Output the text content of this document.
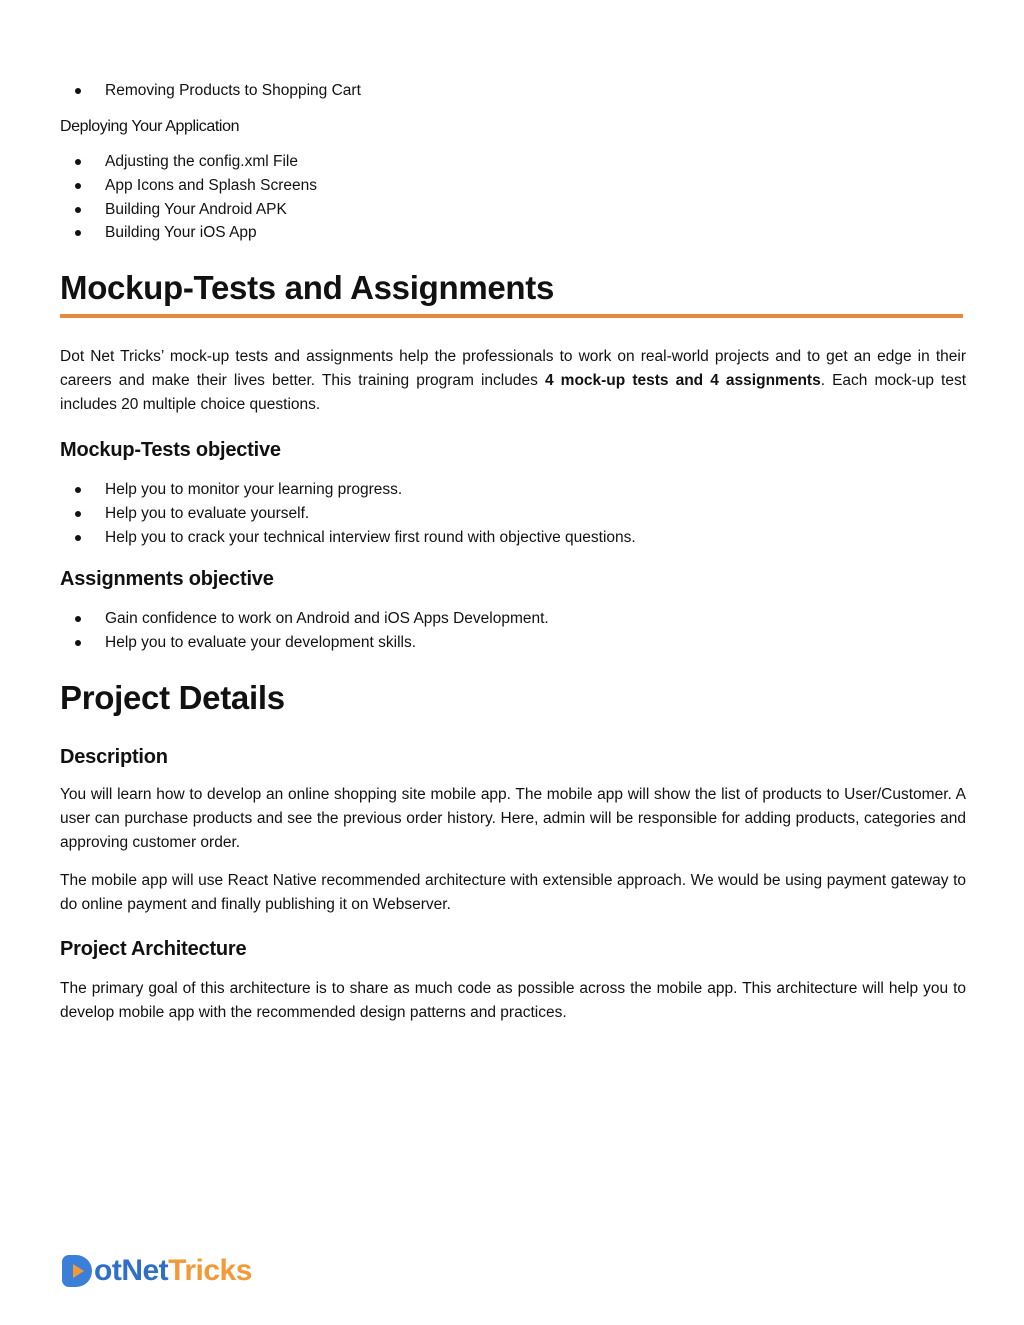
Removing Products to Shopping Cart
Deploying Your Application
Adjusting the config.xml File
App Icons and Splash Screens
Building Your Android APK
Building Your iOS App
Mockup-Tests and Assignments

Dot Net Tricks’ mock-up tests and assignments help the professionals to work on real-world projects and to get an edge in their careers and make their lives better. This training program includes 4 mock-up tests and 4 assignments. Each mock-up test includes 20 multiple choice questions.

Mockup-Tests objective
Help you to monitor your learning progress.
Help you to evaluate yourself.
Help you to crack your technical interview first round with objective questions.
Assignments objective
Gain confidence to work on Android and iOS Apps Development.
Help you to evaluate your development skills.
Project Details
Description

You will learn how to develop an online shopping site mobile app. The mobile app will show the list of products to User/Customer. A user can purchase products and see the previous order history. Here, admin will be responsible for adding products, categories and approving customer order.

The mobile app will use React Native recommended architecture with extensible approach. We would be using payment gateway to do online payment and finally publishing it on Webserver.

Project Architecture

The primary goal of this architecture is to share as much code as possible across the mobile app. This architecture will help you to develop mobile app with the recommended design patterns and practices.

otNetTricks
